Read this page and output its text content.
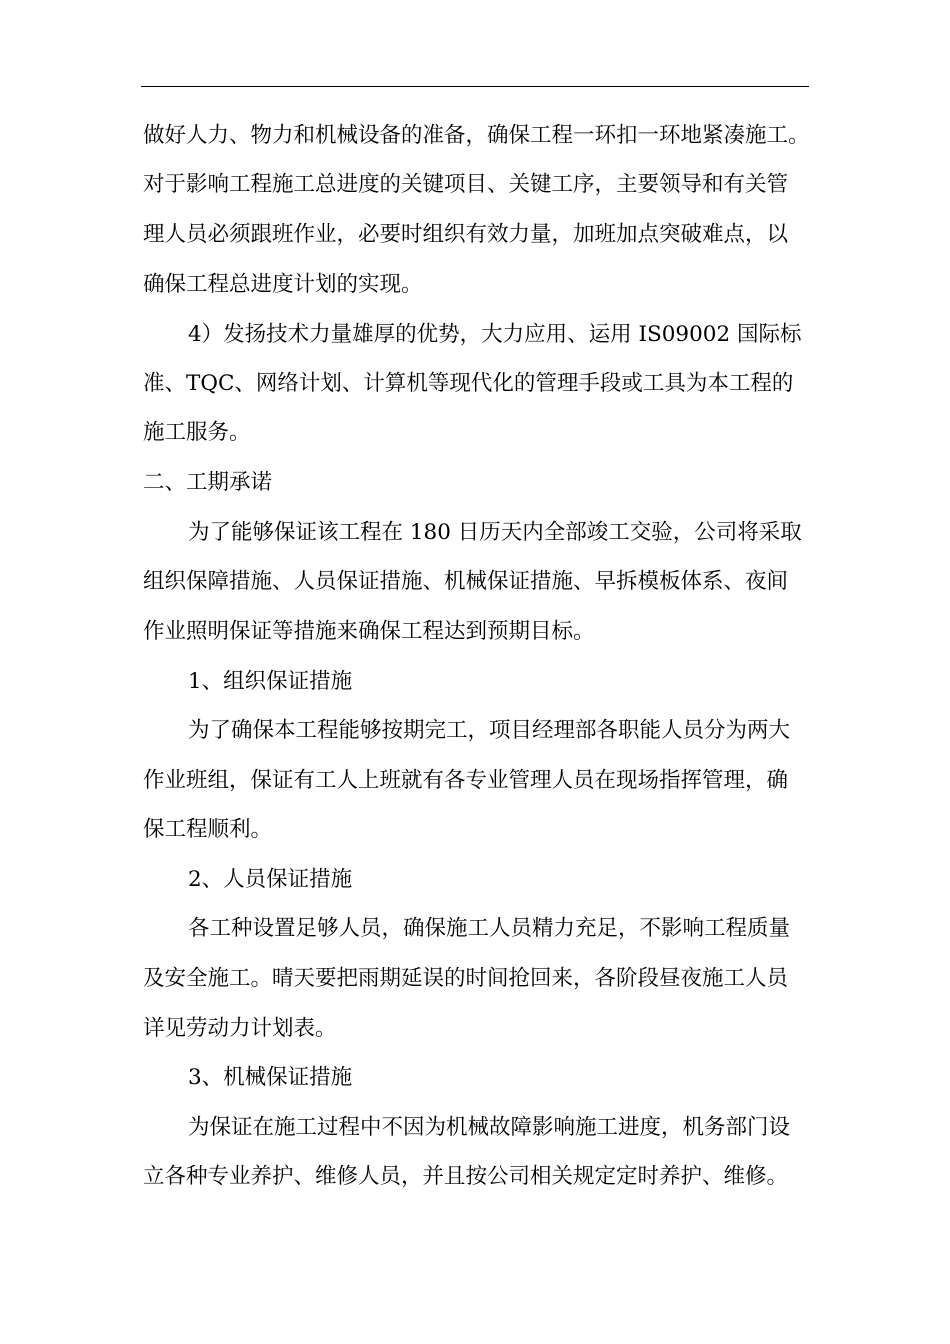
做好人力、物力和机械设备的准备，确保工程一环扣一环地紧凑施工。
对于影响工程施工总进度的关键项目、关键工序，主要领导和有关管
理人员必须跟班作业，必要时组织有效力量，加班加点突破难点，以
确保工程总进度计划的实现。
4）发扬技术力量雄厚的优势，大力应用、运用 IS09002 国际标
准、TQC、网络计划、计算机等现代化的管理手段或工具为本工程的
施工服务。
二、工期承诺
为了能够保证该工程在 180 日历天内全部竣工交验，公司将采取
组织保障措施、人员保证措施、机械保证措施、早拆模板体系、夜间
作业照明保证等措施来确保工程达到预期目标。
1、组织保证措施
为了确保本工程能够按期完工，项目经理部各职能人员分为两大
作业班组，保证有工人上班就有各专业管理人员在现场指挥管理，确
保工程顺利。
2、人员保证措施
各工种设置足够人员，确保施工人员精力充足，不影响工程质量
及安全施工。晴天要把雨期延误的时间抢回来，各阶段昼夜施工人员
详见劳动力计划表。
3、机械保证措施
为保证在施工过程中不因为机械故障影响施工进度，机务部门设
立各种专业养护、维修人员，并且按公司相关规定定时养护、维修。
